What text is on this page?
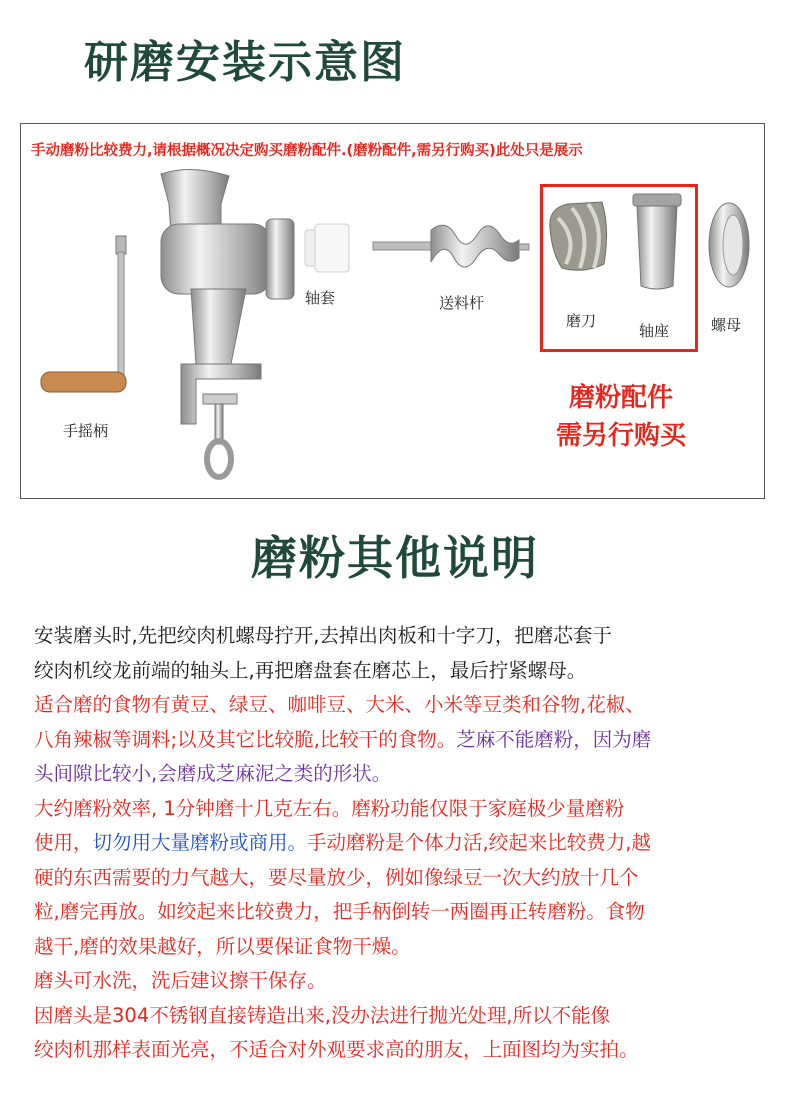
研磨安装示意图
手动磨粉比较费力,请根据概况决定购买磨粉配件.(磨粉配件,需另行购买)此处只是展示
手摇柄
轴套	送料杆
磨刀
轴座	螺母
磨粉配件
需另行购买
磨粉其他说明
安装磨头时,先把绞肉机螺母拧开,去掉出肉板和十字刀，把磨芯套于
绞肉机绞龙前端的轴头上,再把磨盘套在磨芯上，最后拧紧螺母。
适合磨的食物有黄豆、绿豆、咖啡豆、大米、小米等豆类和谷物,花椒、
八角辣椒等调料;以及其它比较脆,比较干的食物。芝麻不能磨粉，因为磨
头间隙比较小,会磨成芝麻泥之类的形状。
大约磨粉效率, 1分钟磨十几克左右。磨粉功能仅限于家庭极少量磨粉
使用，切勿用大量磨粉或商用。手动磨粉是个体力活,绞起来比较费力,越
硬的东西需要的力气越大，要尽量放少，例如像绿豆一次大约放十几个
粒,磨完再放。如绞起来比较费力，把手柄倒转一两圈再正转磨粉。食物
越干,磨的效果越好，所以要保证食物干燥。
磨头可水洗，洗后建议擦干保存。
因磨头是304不锈钢直接铸造出来,没办法进行抛光处理,所以不能像
绞肉机那样表面光亮，不适合对外观要求高的朋友，上面图均为实拍。
